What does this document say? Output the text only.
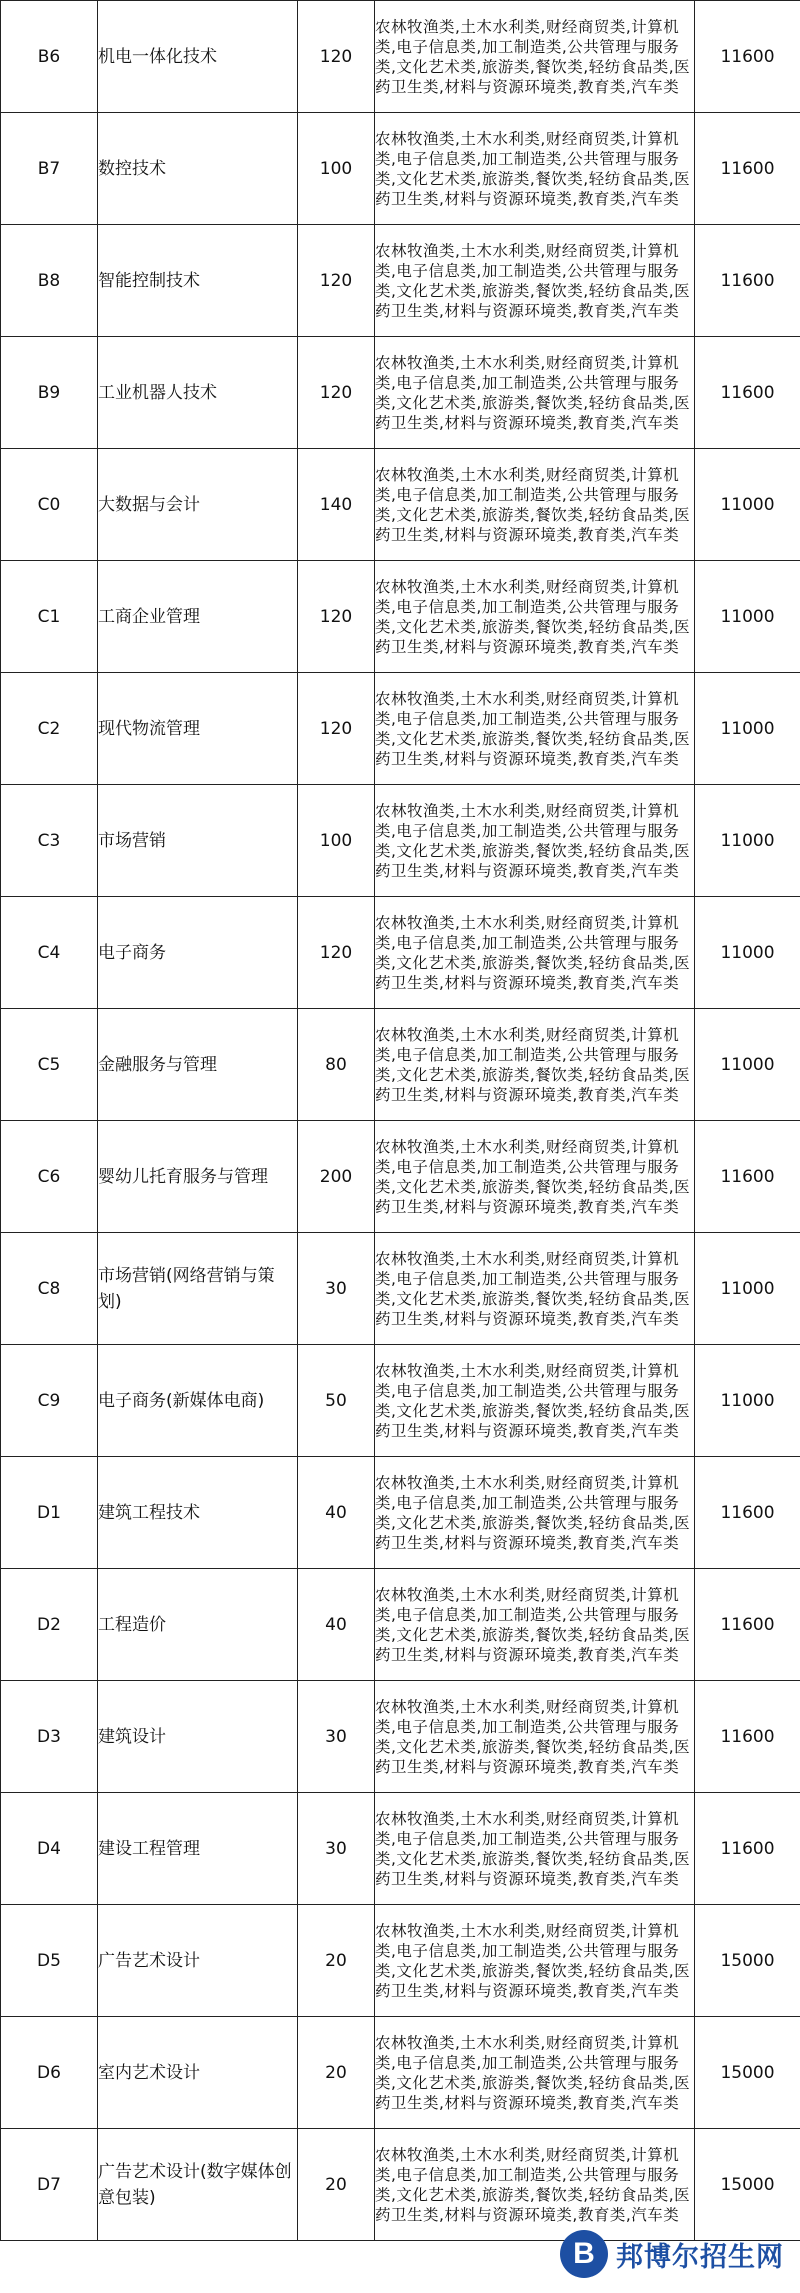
B6	机电一体化技术	120	农林牧渔类,土木水利类,财经商贸类,计算机类,电子信息类,加工制造类,公共管理与服务类,文化艺术类,旅游类,餐饮类,轻纺食品类,医药卫生类,材料与资源环境类,教育类,汽车类	11600
B7	数控技术	100	农林牧渔类,土木水利类,财经商贸类,计算机类,电子信息类,加工制造类,公共管理与服务类,文化艺术类,旅游类,餐饮类,轻纺食品类,医药卫生类,材料与资源环境类,教育类,汽车类	11600
B8	智能控制技术	120	农林牧渔类,土木水利类,财经商贸类,计算机类,电子信息类,加工制造类,公共管理与服务类,文化艺术类,旅游类,餐饮类,轻纺食品类,医药卫生类,材料与资源环境类,教育类,汽车类	11600
B9	工业机器人技术	120	农林牧渔类,土木水利类,财经商贸类,计算机类,电子信息类,加工制造类,公共管理与服务类,文化艺术类,旅游类,餐饮类,轻纺食品类,医药卫生类,材料与资源环境类,教育类,汽车类	11600
C0	大数据与会计	140	农林牧渔类,土木水利类,财经商贸类,计算机类,电子信息类,加工制造类,公共管理与服务类,文化艺术类,旅游类,餐饮类,轻纺食品类,医药卫生类,材料与资源环境类,教育类,汽车类	11000
C1	工商企业管理	120	农林牧渔类,土木水利类,财经商贸类,计算机类,电子信息类,加工制造类,公共管理与服务类,文化艺术类,旅游类,餐饮类,轻纺食品类,医药卫生类,材料与资源环境类,教育类,汽车类	11000
C2	现代物流管理	120	农林牧渔类,土木水利类,财经商贸类,计算机类,电子信息类,加工制造类,公共管理与服务类,文化艺术类,旅游类,餐饮类,轻纺食品类,医药卫生类,材料与资源环境类,教育类,汽车类	11000
C3	市场营销	100	农林牧渔类,土木水利类,财经商贸类,计算机类,电子信息类,加工制造类,公共管理与服务类,文化艺术类,旅游类,餐饮类,轻纺食品类,医药卫生类,材料与资源环境类,教育类,汽车类	11000
C4	电子商务	120	农林牧渔类,土木水利类,财经商贸类,计算机类,电子信息类,加工制造类,公共管理与服务类,文化艺术类,旅游类,餐饮类,轻纺食品类,医药卫生类,材料与资源环境类,教育类,汽车类	11000
C5	金融服务与管理	80	农林牧渔类,土木水利类,财经商贸类,计算机类,电子信息类,加工制造类,公共管理与服务类,文化艺术类,旅游类,餐饮类,轻纺食品类,医药卫生类,材料与资源环境类,教育类,汽车类	11000
C6	婴幼儿托育服务与管理	200	农林牧渔类,土木水利类,财经商贸类,计算机类,电子信息类,加工制造类,公共管理与服务类,文化艺术类,旅游类,餐饮类,轻纺食品类,医药卫生类,材料与资源环境类,教育类,汽车类	11600
C8	市场营销(网络营销与策划)	30	农林牧渔类,土木水利类,财经商贸类,计算机类,电子信息类,加工制造类,公共管理与服务类,文化艺术类,旅游类,餐饮类,轻纺食品类,医药卫生类,材料与资源环境类,教育类,汽车类	11000
C9	电子商务(新媒体电商)	50	农林牧渔类,土木水利类,财经商贸类,计算机类,电子信息类,加工制造类,公共管理与服务类,文化艺术类,旅游类,餐饮类,轻纺食品类,医药卫生类,材料与资源环境类,教育类,汽车类	11000
D1	建筑工程技术	40	农林牧渔类,土木水利类,财经商贸类,计算机类,电子信息类,加工制造类,公共管理与服务类,文化艺术类,旅游类,餐饮类,轻纺食品类,医药卫生类,材料与资源环境类,教育类,汽车类	11600
D2	工程造价	40	农林牧渔类,土木水利类,财经商贸类,计算机类,电子信息类,加工制造类,公共管理与服务类,文化艺术类,旅游类,餐饮类,轻纺食品类,医药卫生类,材料与资源环境类,教育类,汽车类	11600
D3	建筑设计	30	农林牧渔类,土木水利类,财经商贸类,计算机类,电子信息类,加工制造类,公共管理与服务类,文化艺术类,旅游类,餐饮类,轻纺食品类,医药卫生类,材料与资源环境类,教育类,汽车类	11600
D4	建设工程管理	30	农林牧渔类,土木水利类,财经商贸类,计算机类,电子信息类,加工制造类,公共管理与服务类,文化艺术类,旅游类,餐饮类,轻纺食品类,医药卫生类,材料与资源环境类,教育类,汽车类	11600
D5	广告艺术设计	20	农林牧渔类,土木水利类,财经商贸类,计算机类,电子信息类,加工制造类,公共管理与服务类,文化艺术类,旅游类,餐饮类,轻纺食品类,医药卫生类,材料与资源环境类,教育类,汽车类	15000
D6	室内艺术设计	20	农林牧渔类,土木水利类,财经商贸类,计算机类,电子信息类,加工制造类,公共管理与服务类,文化艺术类,旅游类,餐饮类,轻纺食品类,医药卫生类,材料与资源环境类,教育类,汽车类	15000
D7	广告艺术设计(数字媒体创意包装)	20	农林牧渔类,土木水利类,财经商贸类,计算机类,电子信息类,加工制造类,公共管理与服务类,文化艺术类,旅游类,餐饮类,轻纺食品类,医药卫生类,材料与资源环境类,教育类,汽车类	15000
B 邦博尔招生网
